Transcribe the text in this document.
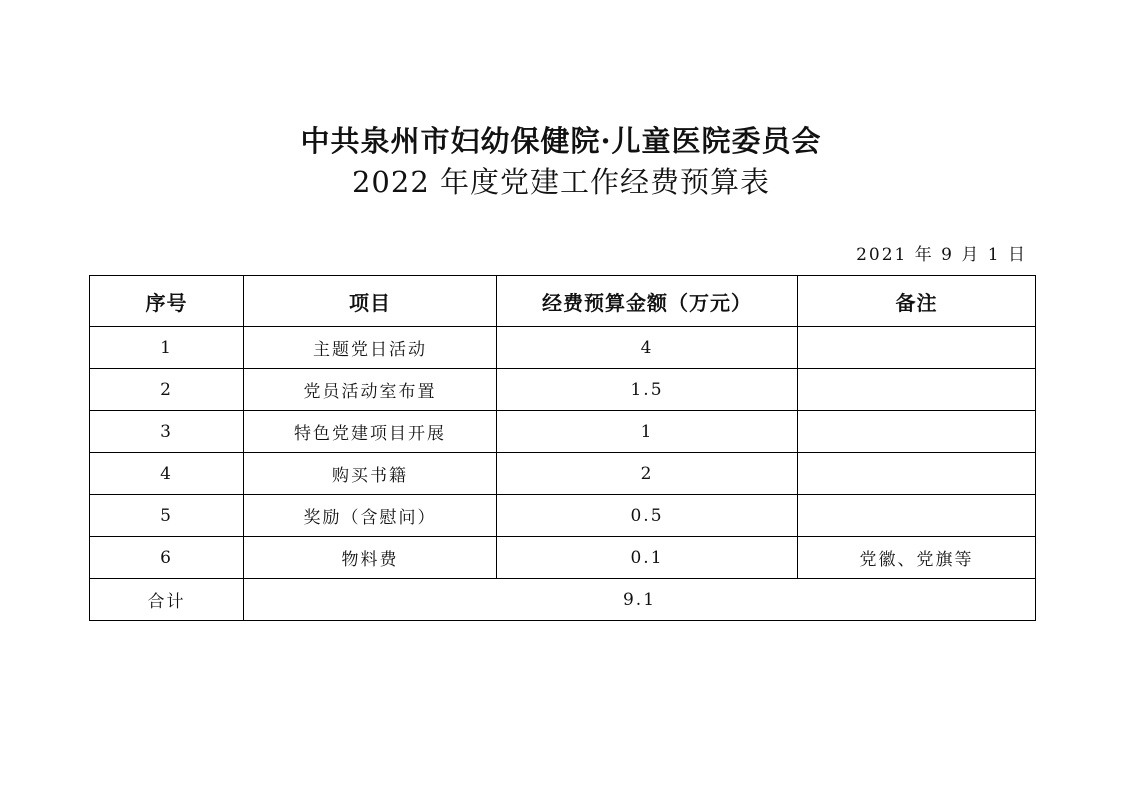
中共泉州市妇幼保健院·儿童医院委员会
2022 年度党建工作经费预算表
2021 年 9 月 1 日
序号	项目	经费预算金额（万元）	备注
1	主题党日活动	4	
2	党员活动室布置	1.5	
3	特色党建项目开展	1	
4	购买书籍	2	
5	奖励（含慰问）	0.5	
6	物料费	0.1	党徽、党旗等
合计	9.1		
